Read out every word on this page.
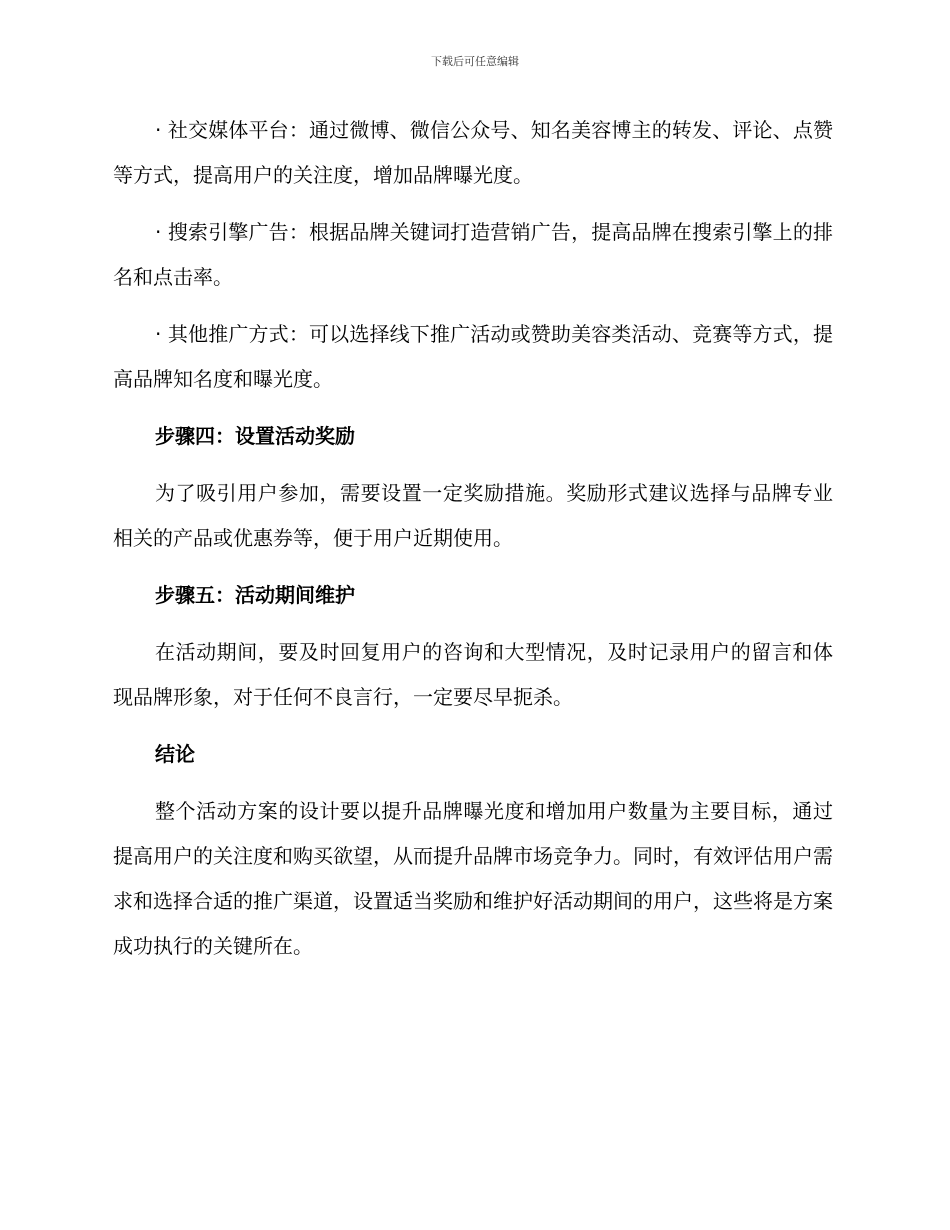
下载后可任意编辑

· 社交媒体平台：通过微博、微信公众号、知名美容博主的转发、评论、点赞等方式，提高用户的关注度，增加品牌曝光度。

· 搜索引擎广告：根据品牌关键词打造营销广告，提高品牌在搜索引擎上的排名和点击率。

· 其他推广方式：可以选择线下推广活动或赞助美容类活动、竞赛等方式，提高品牌知名度和曝光度。

步骤四：设置活动奖励

为了吸引用户参加，需要设置一定奖励措施。奖励形式建议选择与品牌专业相关的产品或优惠券等，便于用户近期使用。

步骤五：活动期间维护

在活动期间，要及时回复用户的咨询和大型情况，及时记录用户的留言和体现品牌形象，对于任何不良言行，一定要尽早扼杀。

结论

整个活动方案的设计要以提升品牌曝光度和增加用户数量为主要目标，通过提高用户的关注度和购买欲望，从而提升品牌市场竞争力。同时，有效评估用户需求和选择合适的推广渠道，设置适当奖励和维护好活动期间的用户，这些将是方案成功执行的关键所在。
